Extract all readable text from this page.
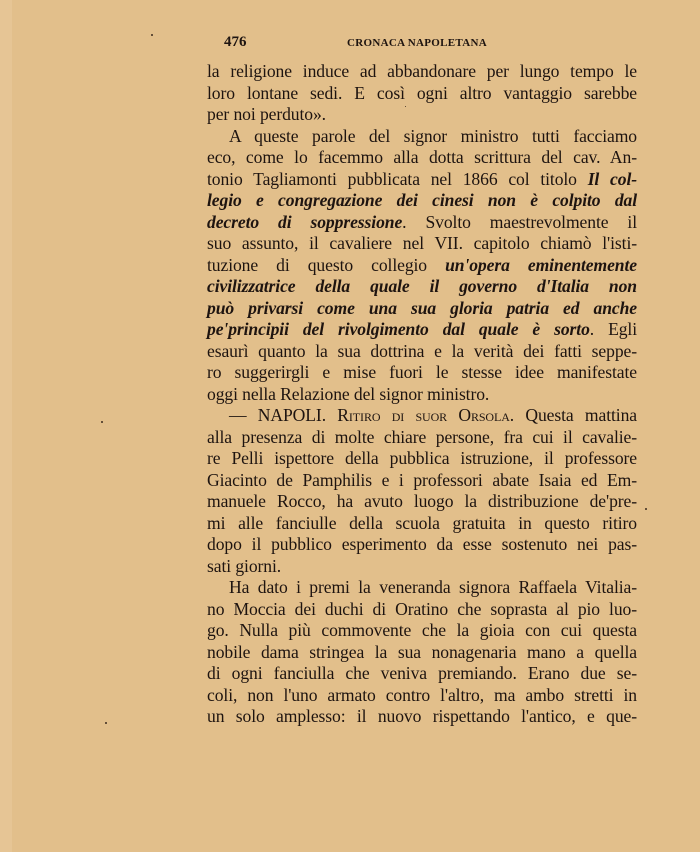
476	CRONACA NAPOLETANA
la religione induce ad abbandonare per lungo tempo le
loro lontane sedi. E così ogni altro vantaggio sarebbe
per noi perduto».
A queste parole del signor ministro tutti facciamo
eco, come lo facemmo alla dotta scrittura del cav. An-
tonio Tagliamonti pubblicata nel 1866 col titolo Il col-
legio e congregazione dei cinesi non è colpito dal
decreto di soppressione. Svolto maestrevolmente il
suo assunto, il cavaliere nel VII. capitolo chiamò l'isti-
tuzione di questo collegio un'opera eminentemente
civilizzatrice della quale il governo d'Italia non
può privarsi come una sua gloria patria ed anche
pe'principii del rivolgimento dal quale è sorto. Egli
esaurì quanto la sua dottrina e la verità dei fatti seppe-
ro suggerirgli e mise fuori le stesse idee manifestate
oggi nella Relazione del signor ministro.
— NAPOLI. Ritiro di suor Orsola. Questa mattina
alla presenza di molte chiare persone, fra cui il cavalie-
re Pelli ispettore della pubblica istruzione, il professore
Giacinto de Pamphilis e i professori abate Isaia ed Em-
manuele Rocco, ha avuto luogo la distribuzione de'pre-
mi alle fanciulle della scuola gratuita in questo ritiro
dopo il pubblico esperimento da esse sostenuto nei pas-
sati giorni.
Ha dato i premi la veneranda signora Raffaela Vitalia-
no Moccia dei duchi di Oratino che soprasta al pio luo-
go. Nulla più commovente che la gioia con cui questa
nobile dama stringea la sua nonagenaria mano a quella
di ogni fanciulla che veniva premiando. Erano due se-
coli, non l'uno armato contro l'altro, ma ambo stretti in
un solo amplesso: il nuovo rispettando l'antico, e que-
